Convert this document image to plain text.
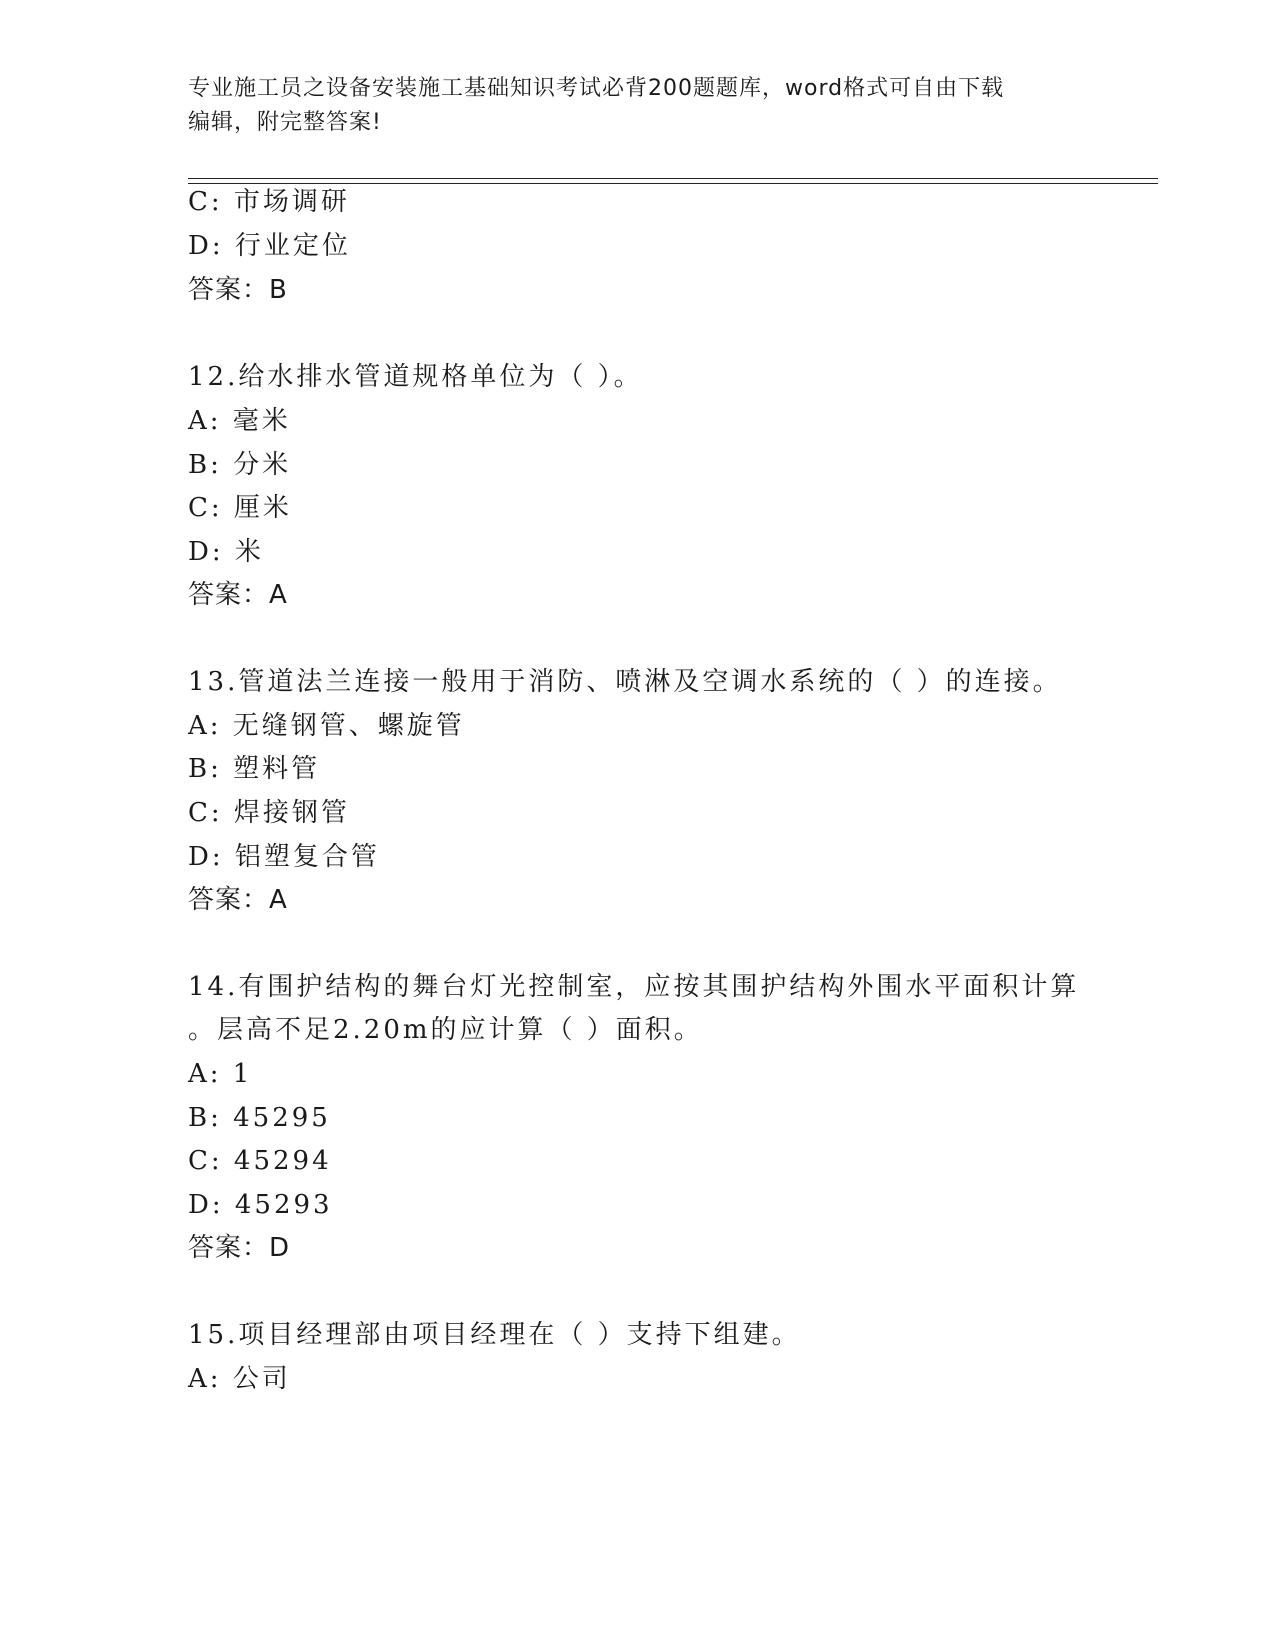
专业施工员之设备安装施工基础知识考试必背200题题库，word格式可自由下载
编辑，附完整答案!
C: 市场调研
D: 行业定位
答案：B
12.给水排水管道规格单位为（ ）。
A: 毫米
B: 分米
C: 厘米
D: 米
答案：A
13.管道法兰连接一般用于消防、喷淋及空调水系统的（ ）的连接。
A: 无缝钢管、螺旋管
B: 塑料管
C: 焊接钢管
D: 铝塑复合管
答案：A
14.有围护结构的舞台灯光控制室，应按其围护结构外围水平面积计算
。层高不足2.20m的应计算（ ）面积。
A: 1
B: 45295
C: 45294
D: 45293
答案：D
15.项目经理部由项目经理在（ ）支持下组建。
A: 公司
